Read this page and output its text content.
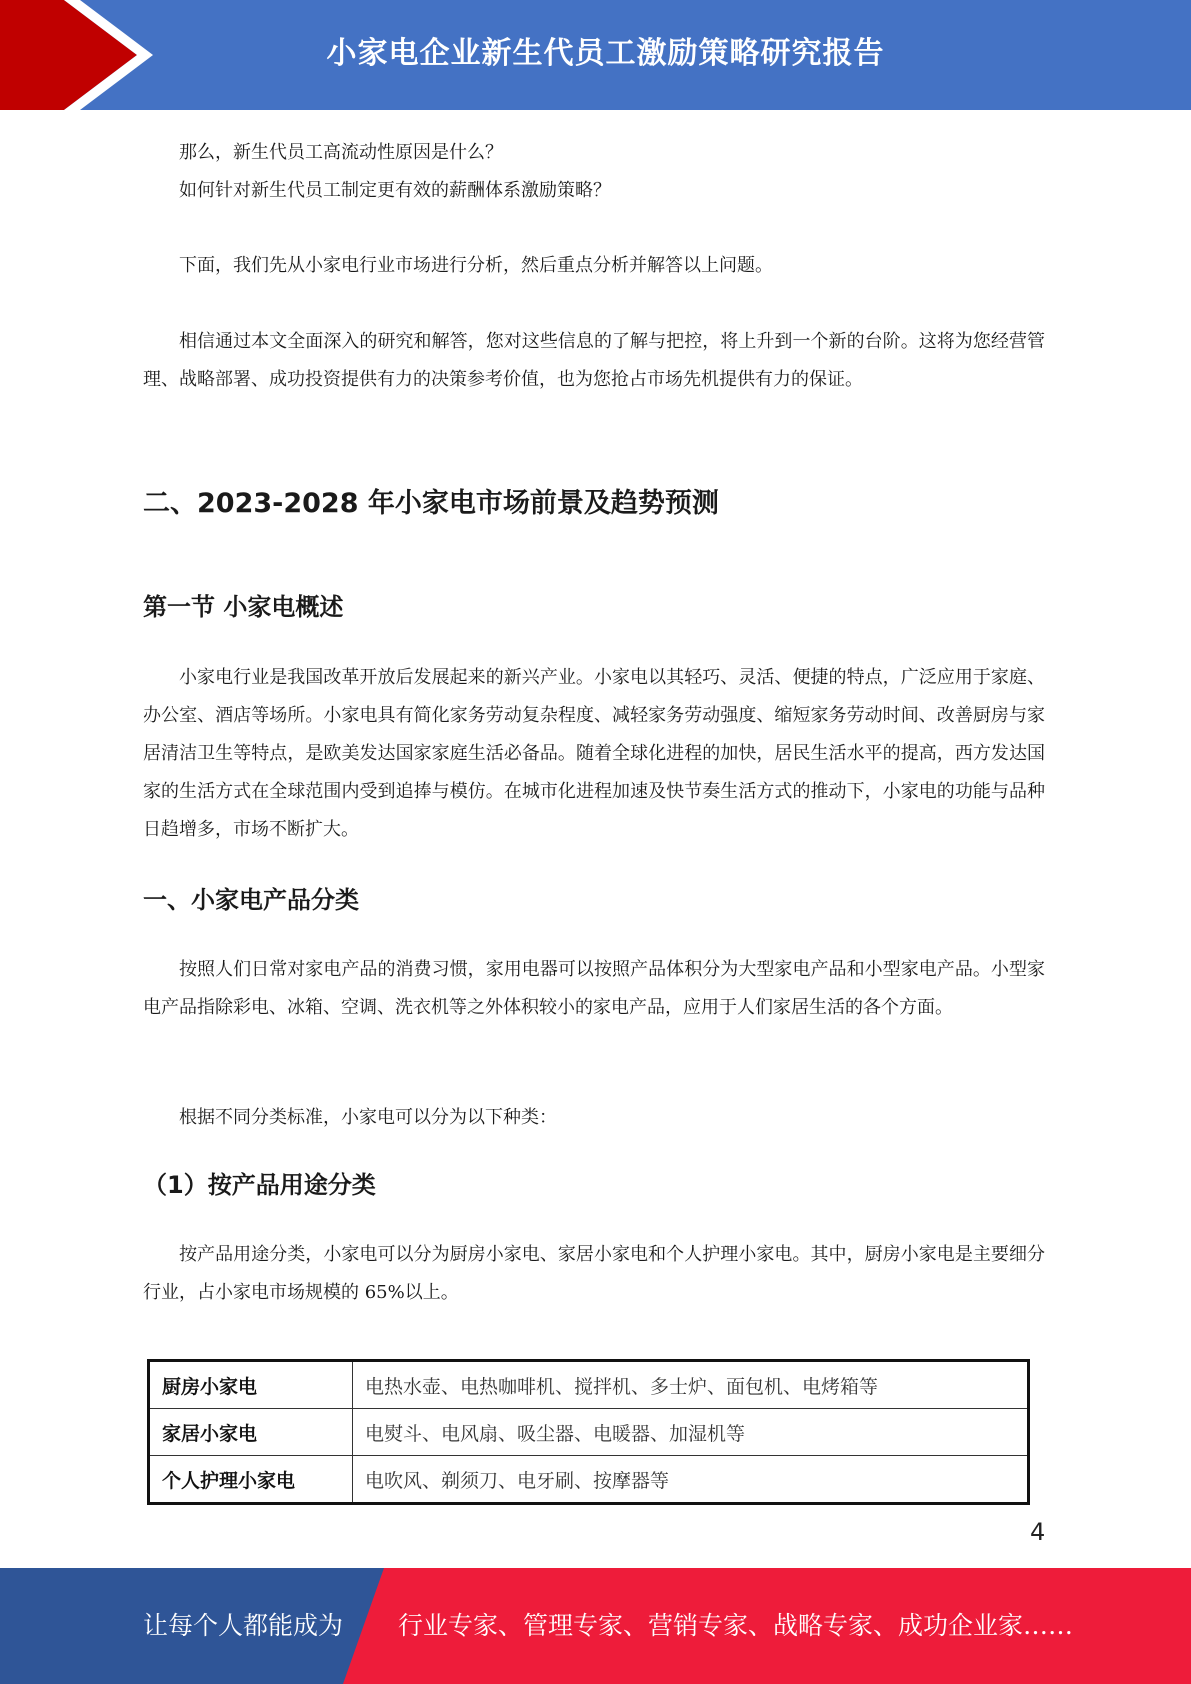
小家电企业新生代员工激励策略研究报告

那么，新生代员工高流动性原因是什么？

如何针对新生代员工制定更有效的薪酬体系激励策略？

下面，我们先从小家电行业市场进行分析，然后重点分析并解答以上问题。

相信通过本文全面深入的研究和解答，您对这些信息的了解与把控，将上升到一个新的台阶。这将为您经营管理、战略部署、成功投资提供有力的决策参考价值，也为您抢占市场先机提供有力的保证。

二、2023-2028 年小家电市场前景及趋势预测
第一节 小家电概述

小家电行业是我国改革开放后发展起来的新兴产业。小家电以其轻巧、灵活、便捷的特点，广泛应用于家庭、办公室、酒店等场所。小家电具有简化家务劳动复杂程度、减轻家务劳动强度、缩短家务劳动时间、改善厨房与家居清洁卫生等特点，是欧美发达国家家庭生活必备品。随着全球化进程的加快，居民生活水平的提高，西方发达国家的生活方式在全球范围内受到追捧与模仿。在城市化进程加速及快节奏生活方式的推动下，小家电的功能与品种日趋增多，市场不断扩大。

一、小家电产品分类

按照人们日常对家电产品的消费习惯，家用电器可以按照产品体积分为大型家电产品和小型家电产品。小型家电产品指除彩电、冰箱、空调、洗衣机等之外体积较小的家电产品，应用于人们家居生活的各个方面。

根据不同分类标准，小家电可以分为以下种类：

（1）按产品用途分类

按产品用途分类，小家电可以分为厨房小家电、家居小家电和个人护理小家电。其中，厨房小家电是主要细分行业，占小家电市场规模的 65%以上。

厨房小家电	电热水壶、电热咖啡机、搅拌机、多士炉、面包机、电烤箱等
家居小家电	电熨斗、电风扇、吸尘器、电暖器、加湿机等
个人护理小家电	电吹风、剃须刀、电牙刷、按摩器等
4
让每个人都能成为 行业专家、管理专家、营销专家、战略专家、成功企业家……
